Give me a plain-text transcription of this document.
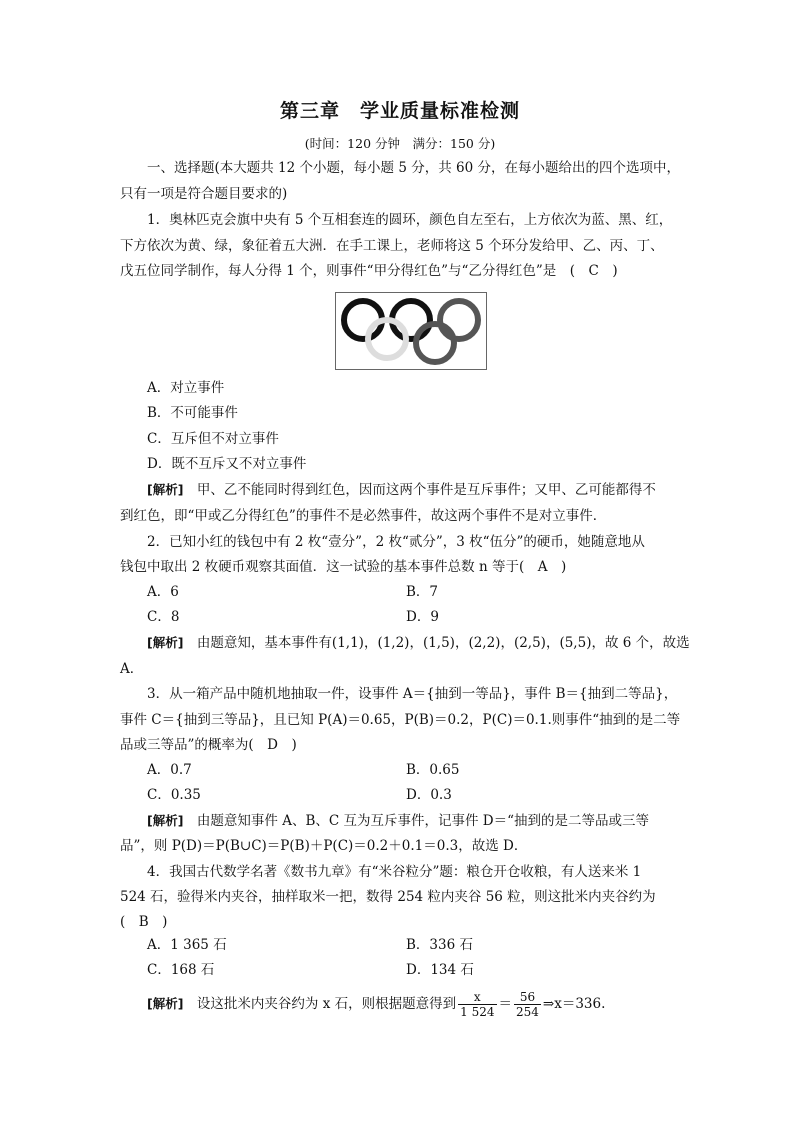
第三章　学业质量标准检测
(时间：120 分钟　满分：150 分)
一、选择题(本大题共 12 个小题，每小题 5 分，共 60 分，在每小题给出的四个选项中，
只有一项是符合题目要求的)
1．奥林匹克会旗中央有 5 个互相套连的圆环，颜色自左至右，上方依次为蓝、黑、红，
下方依次为黄、绿，象征着五大洲．在手工课上，老师将这 5 个环分发给甲、乙、丙、丁、
戊五位同学制作，每人分得 1 个，则事件“甲分得红色”与“乙分得红色”是　(　C　)
A．对立事件
B．不可能事件
C．互斥但不对立事件
D．既不互斥又不对立事件
[解析]　甲、乙不能同时得到红色，因而这两个事件是互斥事件；又甲、乙可能都得不
到红色，即“甲或乙分得红色”的事件不是必然事件，故这两个事件不是对立事件．
2．已知小红的钱包中有 2 枚“壹分”，2 枚“贰分”，3 枚“伍分”的硬币，她随意地从
钱包中取出 2 枚硬币观察其面值．这一试验的基本事件总数 n 等于(　A　)
A．6	B．7
C．8	D．9
[解析]　由题意知，基本事件有(1,1)，(1,2)，(1,5)，(2,2)，(2,5)，(5,5)，故 6 个，故选
A．
3．从一箱产品中随机地抽取一件，设事件 A＝{抽到一等品}，事件 B＝{抽到二等品}，
事件 C＝{抽到三等品}，且已知 P(A)＝0.65，P(B)＝0.2，P(C)＝0.1.则事件“抽到的是二等
品或三等品”的概率为(　D　)
A．0.7	B．0.65
C．0.35	D．0.3
[解析]　由题意知事件 A、B、C 互为互斥事件，记事件 D＝“抽到的是二等品或三等
品”，则 P(D)＝P(B∪C)＝P(B)＋P(C)＝0.2＋0.1＝0.3，故选 D．
4．我国古代数学名著《数书九章》有“米谷粒分”题：粮仓开仓收粮，有人送来米 1
524 石，验得米内夹谷，抽样取米一把，数得 254 粒内夹谷 56 粒，则这批米内夹谷约为
(　B　)
A．1 365 石	B．336 石
C．168 石	D．134 石
[解析]　设这批米内夹谷约为 x 石，则根据题意得到 $\frac{x}{1 524} = \frac{56}{254}$ ⇒x＝336.
